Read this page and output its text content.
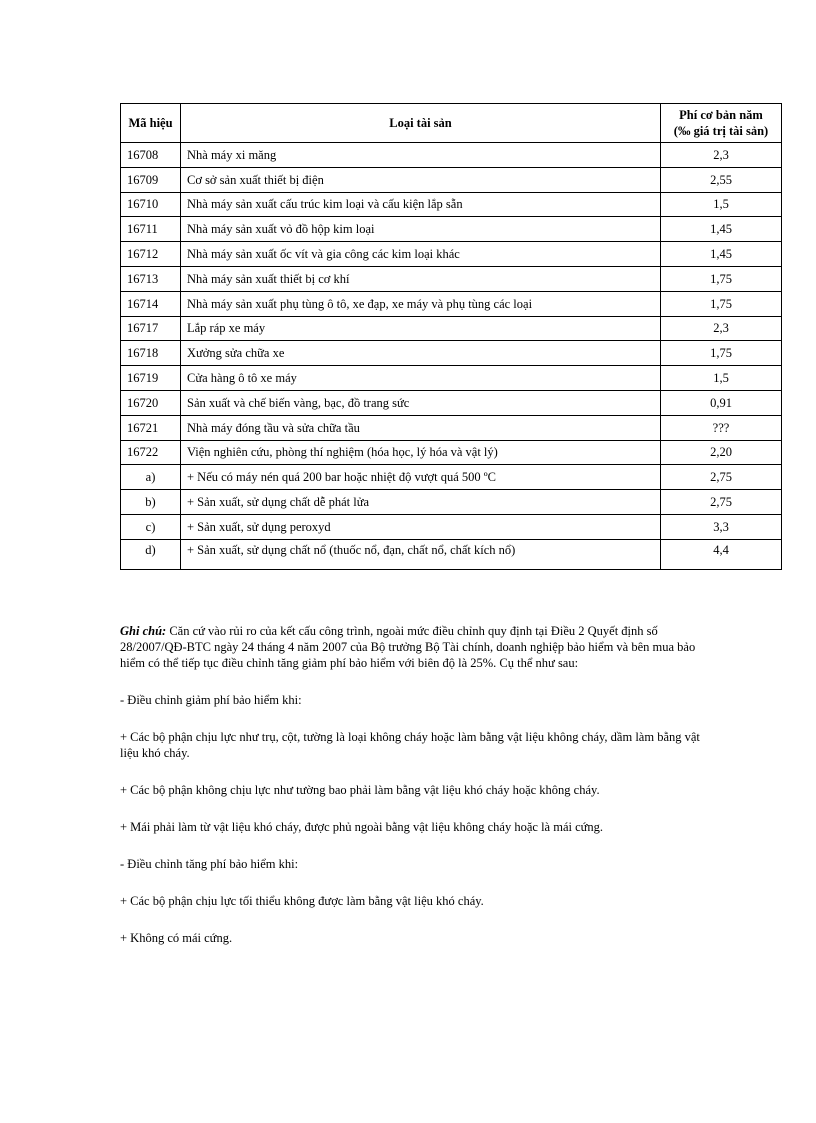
Mã hiệu	Loại tài sản	Phí cơ bản năm
(‰ giá trị tài sản)
16708	Nhà máy xi măng	2,3
16709	Cơ sở sản xuất thiết bị điện	2,55
16710	Nhà máy sản xuất cấu trúc kim loại và cấu kiện lắp sẵn	1,5
16711	Nhà máy sản xuất vỏ đồ hộp kim loại	1,45
16712	Nhà máy sản xuất ốc vít và gia công các kim loại khác	1,45
16713	Nhà máy sản xuất thiết bị cơ khí	1,75
16714	Nhà máy sản xuất phụ tùng ô tô, xe đạp, xe máy và phụ tùng các loại	1,75
16717	Lắp ráp xe máy	2,3
16718	Xưởng sửa chữa xe	1,75
16719	Cửa hàng ô tô xe máy	1,5
16720	Sản xuất và chế biến vàng, bạc, đồ trang sức	0,91
16721	Nhà máy đóng tầu và sửa chữa tầu	???
16722	Viện nghiên cứu, phòng thí nghiệm (hóa học, lý hóa và vật lý)	2,20
a)	+ Nếu có máy nén quá 200 bar hoặc nhiệt độ vượt quá 500 ºC	2,75
b)	+ Sản xuất, sử dụng chất dễ phát lửa	2,75
c)	+ Sản xuất, sử dụng peroxyd	3,3
d)	+ Sản xuất, sử dụng chất nổ (thuốc nổ, đạn, chất nổ, chất kích nổ)	4,4

Ghi chú: Căn cứ vào rủi ro của kết cấu công trình, ngoài mức điều chỉnh quy định tại Điều 2 Quyết định số 28/2007/QĐ-BTC ngày 24 tháng 4 năm 2007 của Bộ trưởng Bộ Tài chính, doanh nghiệp bảo hiểm và bên mua bảo hiểm có thể tiếp tục điều chỉnh tăng giảm phí bảo hiểm với biên độ là 25%. Cụ thể như sau:

- Điều chỉnh giảm phí bảo hiểm khi:

+ Các bộ phận chịu lực như trụ, cột, tường là loại không cháy hoặc làm bằng vật liệu không cháy, dầm làm bằng vật liệu khó cháy.

+ Các bộ phận không chịu lực như tường bao phải làm bằng vật liệu khó cháy hoặc không cháy.

+ Mái phải làm từ vật liệu khó cháy, được phủ ngoài bằng vật liệu không cháy hoặc là mái cứng.

- Điều chỉnh tăng phí bảo hiểm khi:

+ Các bộ phận chịu lực tối thiểu không được làm bằng vật liệu khó cháy.

+ Không có mái cứng.
